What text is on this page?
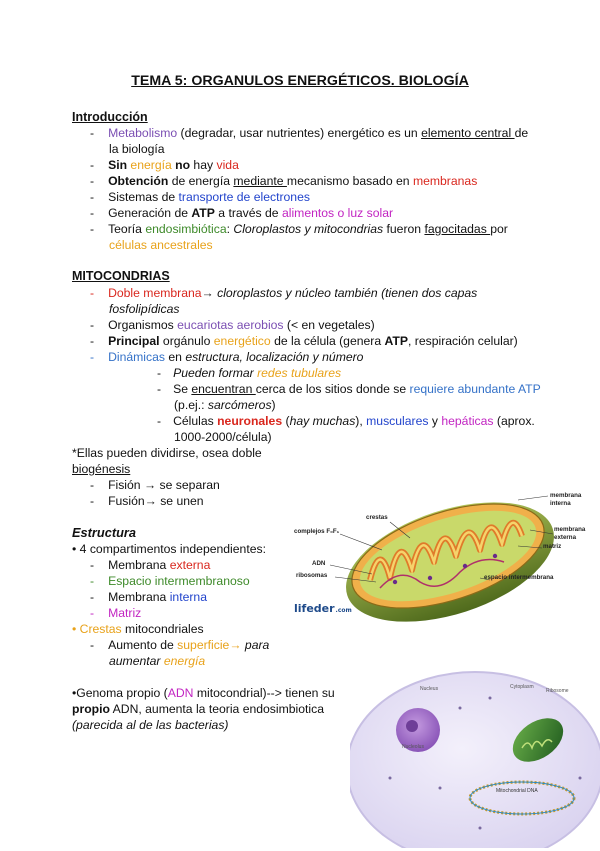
TEMA 5: ORGANULOS ENERGÉTICOS. BIOLOGÍA
Introducción
- Metabolismo (degradar, usar nutrientes) energético es un elemento central de
la biología
- Sin energía no hay vida
- Obtención de energía mediante mecanismo basado en membranas
- Sistemas de transporte de electrones
- Generación de ATP a través de alimentos o luz solar
- Teoría endosimbiótica: Cloroplastos y mitocondrias fueron fagocitadas por
células ancestrales
MITOCONDRIAS
- Doble membrana→ cloroplastos y núcleo también (tienen dos capas
fosfolipídicas
- Organismos eucariotas aerobios (< en vegetales)
- Principal orgánulo energético de la célula (genera ATP, respiración celular)
- Dinámicas en estructura, localización y número
- Pueden formar redes tubulares
- Se encuentran cerca de los sitios donde se requiere abundante ATP
(p.ej.: sarcómeros)
- Células neuronales (hay muchas), musculares y hepáticas (aprox.
1000-2000/célula)
*Ellas pueden dividirse, osea doble
biogénesis
- Fisión → se separan
- Fusión→ se unen
Estructura
• 4 compartimentos independientes:
- Membrana externa
- Espacio intermembranoso
- Membrana interna
- Matriz
• Crestas mitocondriales
- Aumento de superficie→ para
aumentar energía
•Genoma propio (ADN mitocondrial)--> tienen su
propio ADN, aumenta la teoria endosimbiotica
(parecida al de las bacterias)
crestas
complejos F₀F₁
ADN
ribosomas
membrana
interna
membrana
externa
matriz
espacio intermembrana
lifeder.com
Nucleus
Nucleolus
Cytoplasm
Mitochondrial DNA
Ribosome
